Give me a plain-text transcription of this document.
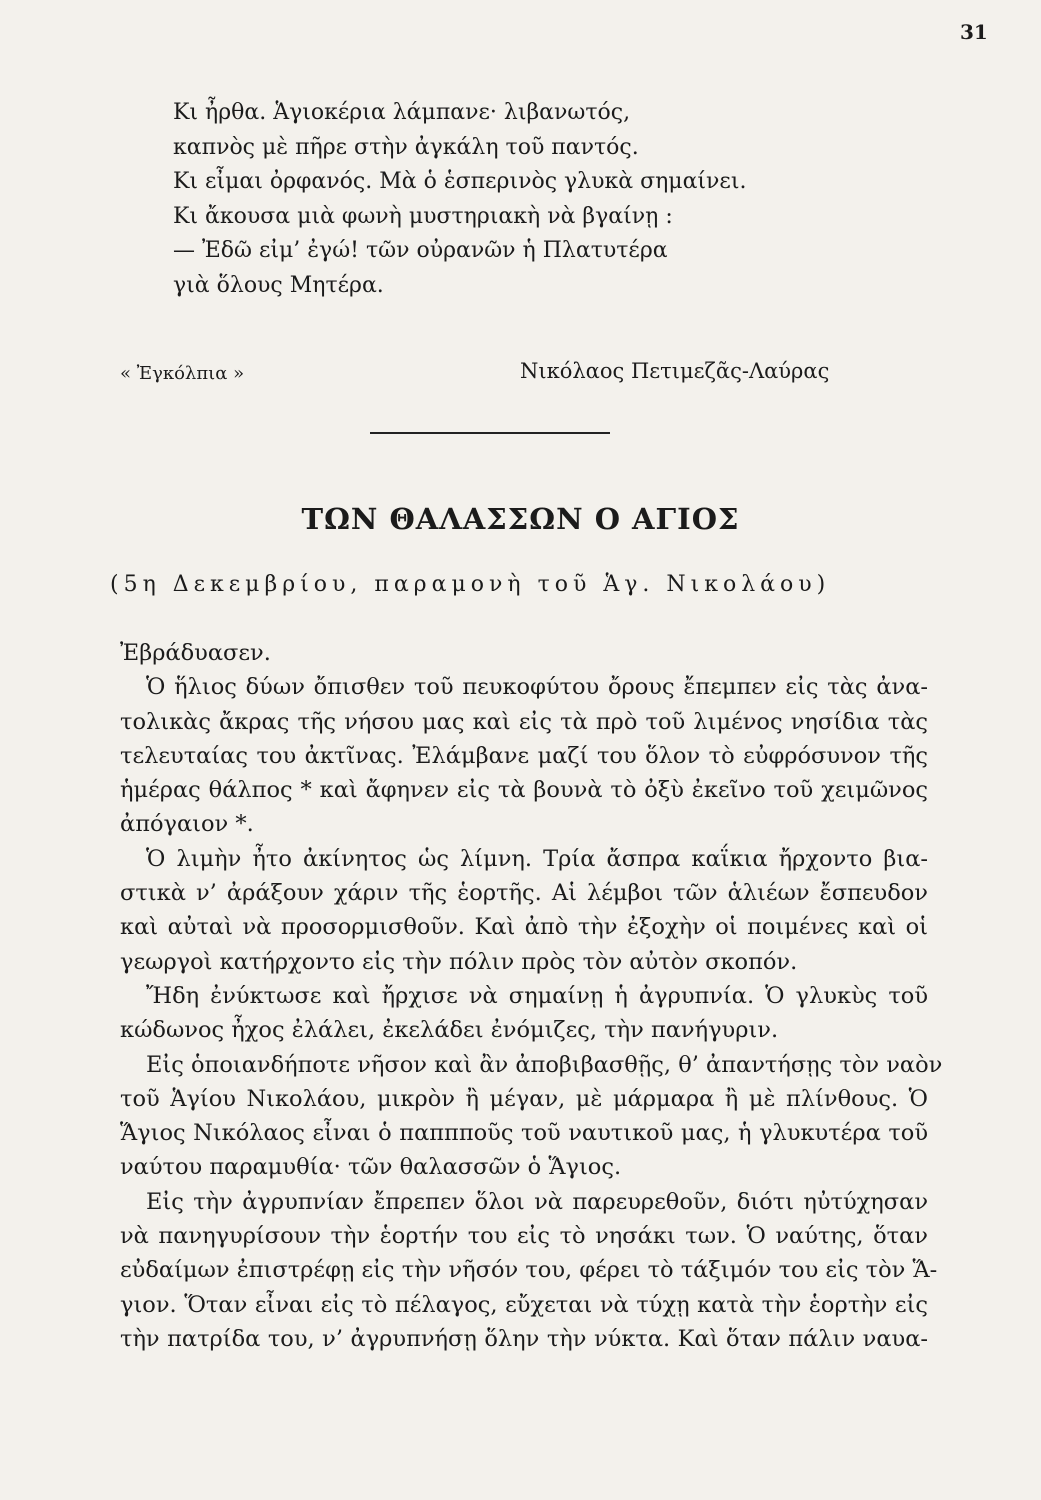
31
Κι ἦρθα. Ἁγιοκέρια λάμπανε· λιβανωτός,
καπνὸς μὲ πῆρε στὴν ἀγκάλη τοῦ παντός.
Κι εἶμαι ὀρφανός. Μὰ ὁ ἑσπερινὸς γλυκὰ σημαίνει.
Κι ἄκουσα μιὰ φωνὴ μυστηριακὴ νὰ βγαίνῃ :
— Ἐδῶ εἰμ’ ἐγώ! τῶν οὐρανῶν ἡ Πλατυτέρα
γιὰ ὅλους Μητέρα.
« Ἐγκόλπια »	Νικόλαος Πετιμεζᾶς-Λαύρας
ΤΩΝ ΘΑΛΑΣΣΩΝ Ο ΑΓΙΟΣ
(5η Δεκεμβρίου, παραμονὴ τοῦ Ἁγ. Νικολάου)
Ἐβράδυασεν.
Ὁ ἥλιος δύων ὄπισθεν τοῦ πευκοφύτου ὄρους ἔπεμπεν εἰς τὰς ἀνα-
τολικὰς ἄκρας τῆς νήσου μας καὶ εἰς τὰ πρὸ τοῦ λιμένος νησίδια τὰς
τελευταίας του ἀκτῖνας. Ἐλάμβανε μαζί του ὅλον τὸ εὐφρόσυνον τῆς
ἡμέρας θάλπος * καὶ ἄφηνεν εἰς τὰ βουνὰ τὸ ὀξὺ ἐκεῖνο τοῦ χειμῶνος
ἀπόγαιον *.
Ὁ λιμὴν ἦτο ἀκίνητος ὡς λίμνη. Τρία ἄσπρα καΐκια ἤρχοντο βια-
στικὰ ν’ ἀράξουν χάριν τῆς ἑορτῆς. Αἱ λέμβοι τῶν ἁλιέων ἔσπευδον
καὶ αὐταὶ νὰ προσορμισθοῦν. Καὶ ἀπὸ τὴν ἐξοχὴν οἱ ποιμένες καὶ οἱ
γεωργοὶ κατήρχοντο εἰς τὴν πόλιν πρὸς τὸν αὐτὸν σκοπόν.
Ἤδη ἐνύκτωσε καὶ ἤρχισε νὰ σημαίνῃ ἡ ἀγρυπνία. Ὁ γλυκὺς τοῦ
κώδωνος ἦχος ἐλάλει, ἐκελάδει ἐνόμιζες, τὴν πανήγυριν.
Εἰς ὁποιανδήποτε νῆσον καὶ ἂν ἀποβιβασθῇς, θ’ ἀπαντήσῃς τὸν ναὸν
τοῦ Ἁγίου Νικολάου, μικρὸν ἢ μέγαν, μὲ μάρμαρα ἢ μὲ πλίνθους. Ὁ
Ἅγιος Νικόλαος εἶναι ὁ παππποῦς τοῦ ναυτικοῦ μας, ἡ γλυκυτέρα τοῦ
ναύτου παραμυθία· τῶν θαλασσῶν ὁ Ἅγιος.
Εἰς τὴν ἀγρυπνίαν ἔπρεπεν ὅλοι νὰ παρευρεθοῦν, διότι ηὐτύχησαν
νὰ πανηγυρίσουν τὴν ἑορτήν του εἰς τὸ νησάκι των. Ὁ ναύτης, ὅταν
εὐδαίμων ἐπιστρέφῃ εἰς τὴν νῆσόν του, φέρει τὸ τάξιμόν του εἰς τὸν Ἅ-
γιον. Ὅταν εἶναι εἰς τὸ πέλαγος, εὔχεται νὰ τύχῃ κατὰ τὴν ἑορτὴν εἰς
τὴν πατρίδα του, ν’ ἀγρυπνήσῃ ὅλην τὴν νύκτα. Καὶ ὅταν πάλιν ναυα-
